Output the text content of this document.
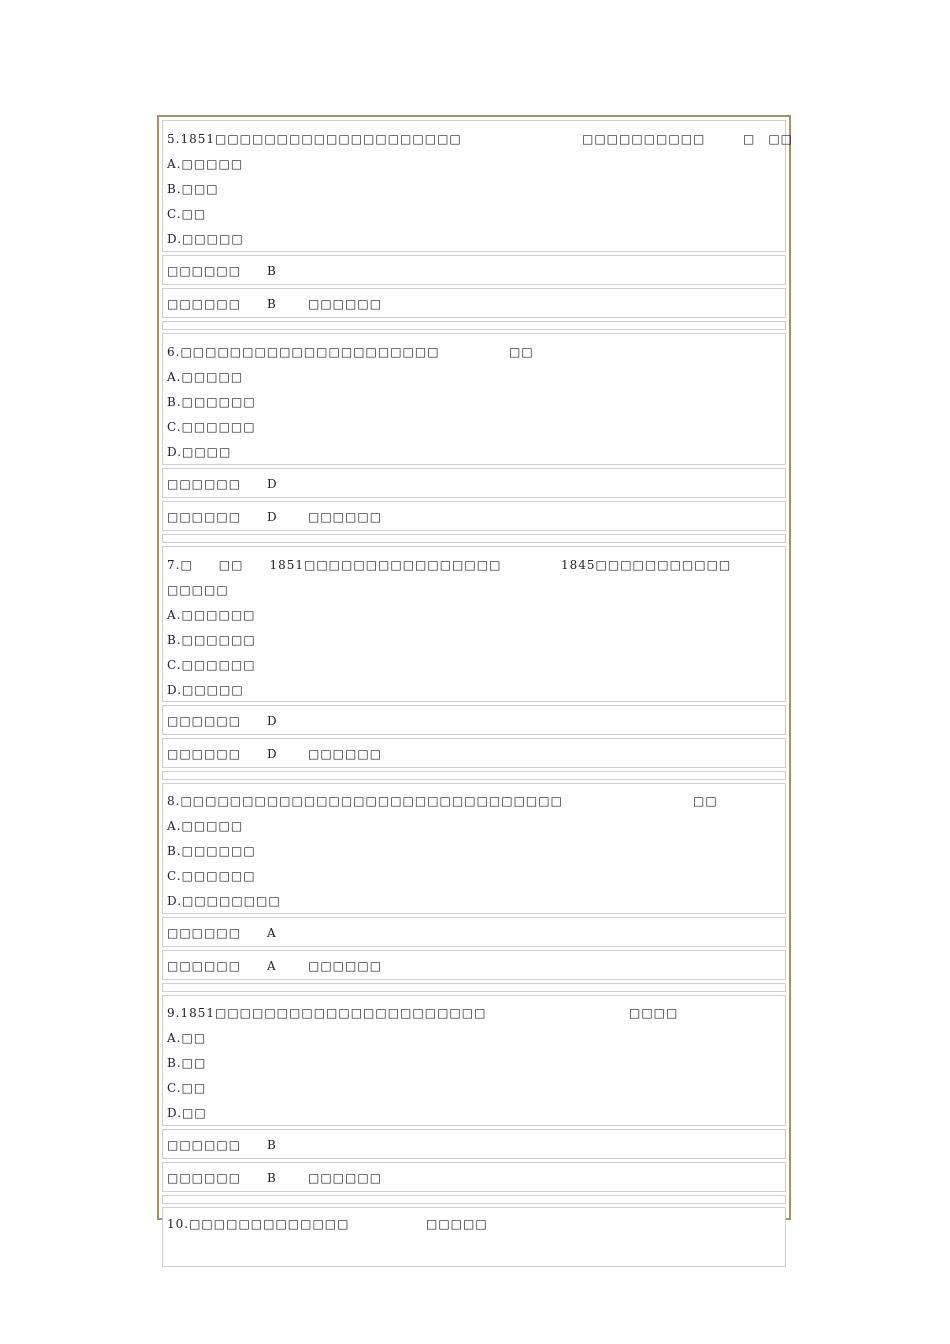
5.1851□□□□□□□□□□□□□□□□□□□□	□□□□□□□□□□	□　□□
A.□□□□□
B.□□□
C.□□
D.□□□□□
□□□□□□ B
□□□□□□ B	□□□□□□
6.□□□□□□□□□□□□□□□□□□□□□	□□
A.□□□□□
B.□□□□□□
C.□□□□□□
D.□□□□
□□□□□□ D
□□□□□□ D	□□□□□□
7.□　　□□　　1851□□□□□□□□□□□□□□□□	1845□□□□□□□□□□□
□□□□□
A.□□□□□□
B.□□□□□□
C.□□□□□□
D.□□□□□
□□□□□□ D
□□□□□□ D	□□□□□□
8.□□□□□□□□□□□□□□□□□□□□□□□□□□□□□□□	□□
A.□□□□□
B.□□□□□□
C.□□□□□□
D.□□□□□□□□
□□□□□□ A
□□□□□□ A	□□□□□□
9.1851□□□□□□□□□□□□□□□□□□□□□□	□□□□
A.□□
B.□□
C.□□
D.□□
□□□□□□ B
□□□□□□ B	□□□□□□
10.□□□□□□□□□□□□□	□□□□□
